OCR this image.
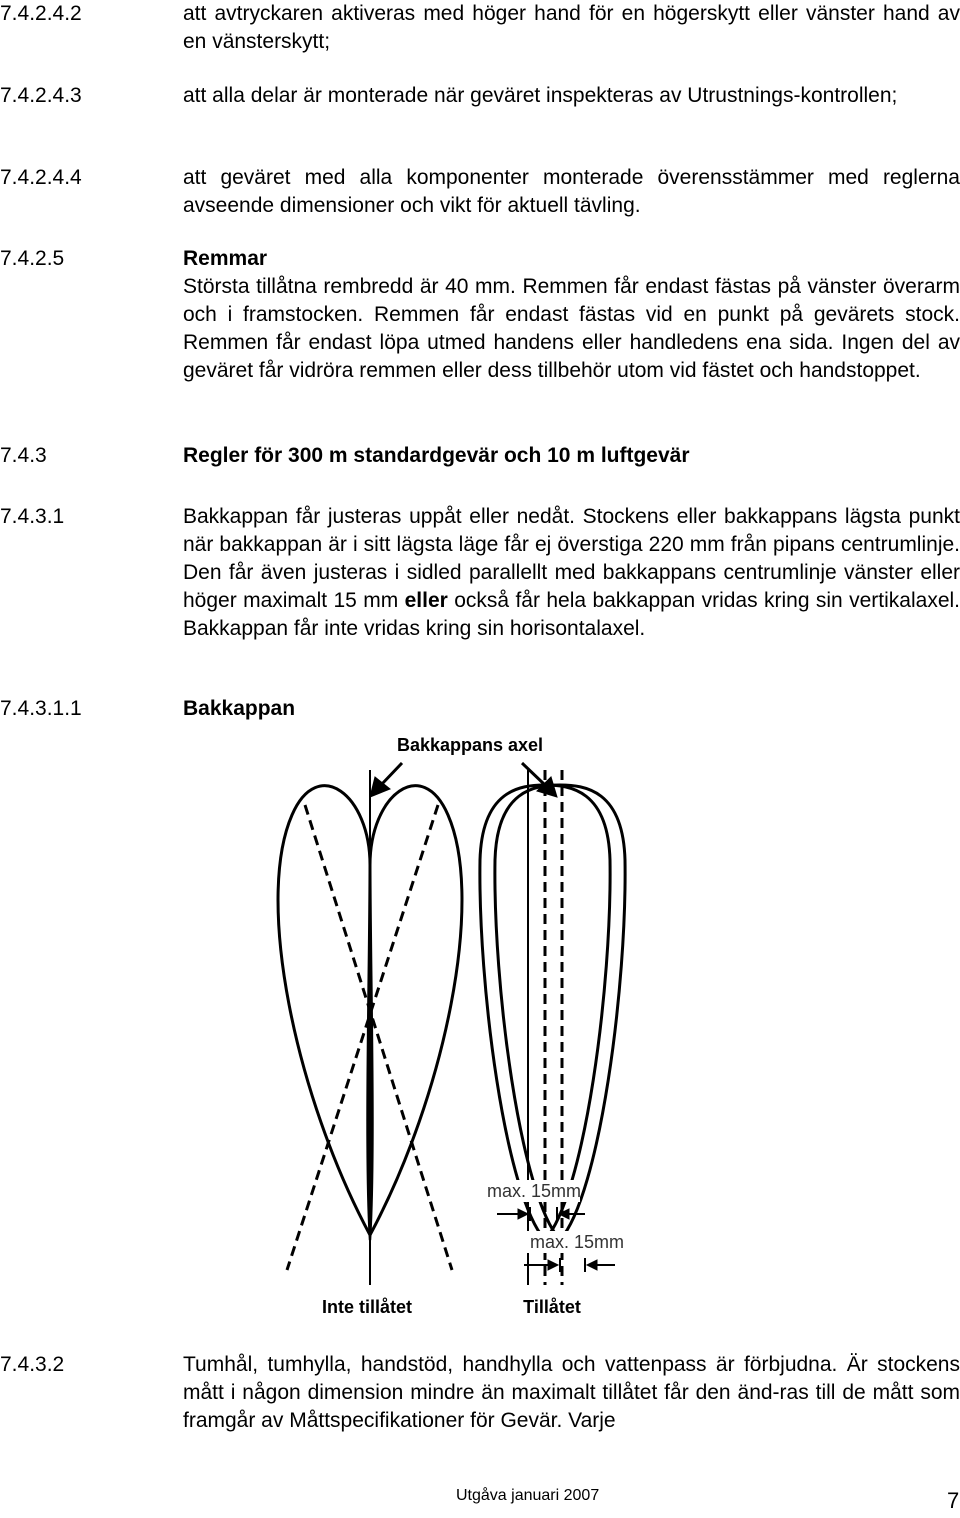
7.4.2.4.2	att avtryckaren aktiveras med höger hand för en högerskytt eller vänster hand av en vänsterskytt;
7.4.2.4.3	att alla delar är monterade när geväret inspekteras av Utrustnings-kontrollen;
7.4.2.4.4	att geväret med alla komponenter monterade överensstämmer med reglerna avseende dimensioner och vikt för aktuell tävling.
7.4.2.5	Remmar
Största tillåtna rembredd är 40 mm. Remmen får endast fästas på vänster överarm och i framstocken. Remmen får endast fästas vid en punkt på gevärets stock. Remmen får endast löpa utmed handens eller handledens ena sida. Ingen del av geväret får vidröra remmen eller dess tillbehör utom vid fästet och handstoppet.
7.4.3	Regler för 300 m standardgevär och 10 m luftgevär
7.4.3.1	Bakkappan får justeras uppåt eller nedåt. Stockens eller bakkappans lägsta punkt när bakkappan är i sitt lägsta läge får ej överstiga 220 mm från pipans centrumlinje. Den får även justeras i sidled parallellt med bakkappans centrumlinje vänster eller höger maximalt 15 mm eller också får hela bakkappan vridas kring sin vertikalaxel. Bakkappan får inte vridas kring sin horisontalaxel.
7.4.3.1.1	Bakkappan
Bakkappans axel
max. 15mm
max. 15mm
Inte tillåtet	Tillåtet
7.4.3.2	Tumhål, tumhylla, handstöd, handhylla och vattenpass är förbjudna. Är stockens mått i någon dimension mindre än maximalt tillåtet får den änd-ras till de mått som framgår av Måttspecifikationer för Gevär. Varje
Utgåva januari 2007	7
